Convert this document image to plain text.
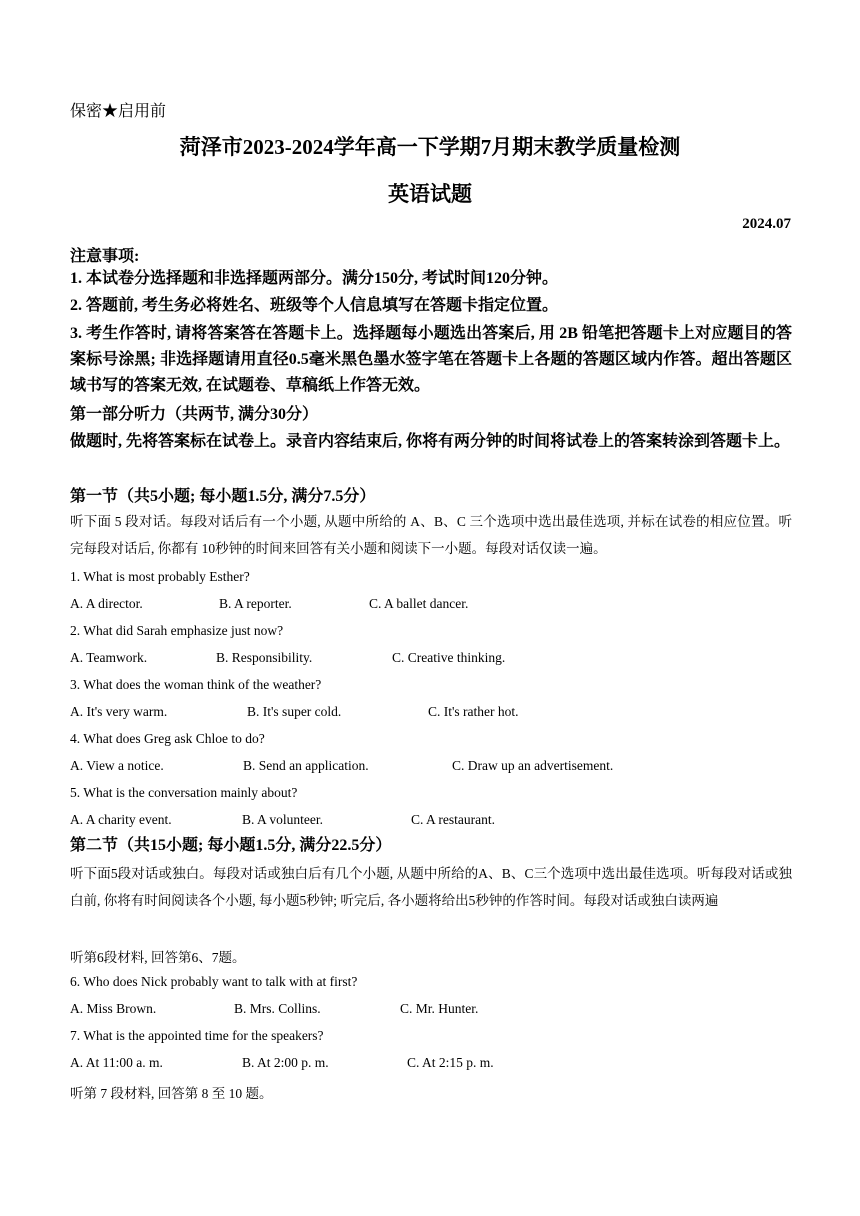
保密★启用前
菏泽市2023-2024学年高一下学期7月期末教学质量检测
英语试题
2024.07
注意事项:
1. 本试卷分选择题和非选择题两部分。满分150分, 考试时间120分钟。
2. 答题前, 考生务必将姓名、班级等个人信息填写在答题卡指定位置。
3. 考生作答时, 请将答案答在答题卡上。选择题每小题选出答案后, 用 2B 铅笔把答题卡上对应题目的答案标号涂黑; 非选择题请用直径0.5毫米黑色墨水签字笔在答题卡上各题的答题区域内作答。超出答题区域书写的答案无效, 在试题卷、草稿纸上作答无效。
第一部分听力（共两节, 满分30分）
做题时, 先将答案标在试卷上。录音内容结束后, 你将有两分钟的时间将试卷上的答案转涂到答题卡上。
第一节（共5小题; 每小题1.5分, 满分7.5分）
听下面 5 段对话。每段对话后有一个小题, 从题中所给的 A、B、C 三个选项中选出最佳选项, 并标在试卷的相应位置。听完每段对话后, 你都有 10秒钟的时间来回答有关小题和阅读下一小题。每段对话仅读一遍。
1. What is most probably Esther?
A. A director.	B. A reporter.	C. A ballet dancer.
2. What did Sarah emphasize just now?
A. Teamwork.	B. Responsibility.	C. Creative thinking.
3. What does the woman think of the weather?
A. It's very warm.	B. It's super cold.	C. It's rather hot.
4. What does Greg ask Chloe to do?
A. View a notice.	B. Send an application.	C. Draw up an advertisement.
5. What is the conversation mainly about?
A. A charity event.	B. A volunteer.	C. A restaurant.
第二节（共15小题; 每小题1.5分, 满分22.5分）
听下面5段对话或独白。每段对话或独白后有几个小题, 从题中所给的A、B、C三个选项中选出最佳选项。听每段对话或独白前, 你将有时间阅读各个小题, 每小题5秒钟; 听完后, 各小题将给出5秒钟的作答时间。每段对话或独白读两遍
听第6段材料, 回答第6、7题。
6. Who does Nick probably want to talk with at first?
A. Miss Brown.	B. Mrs. Collins.	C. Mr. Hunter.
7. What is the appointed time for the speakers?
A. At 11:00 a. m.	B. At 2:00 p. m.	C. At 2:15 p. m.
听第 7 段材料, 回答第 8 至 10 题。
